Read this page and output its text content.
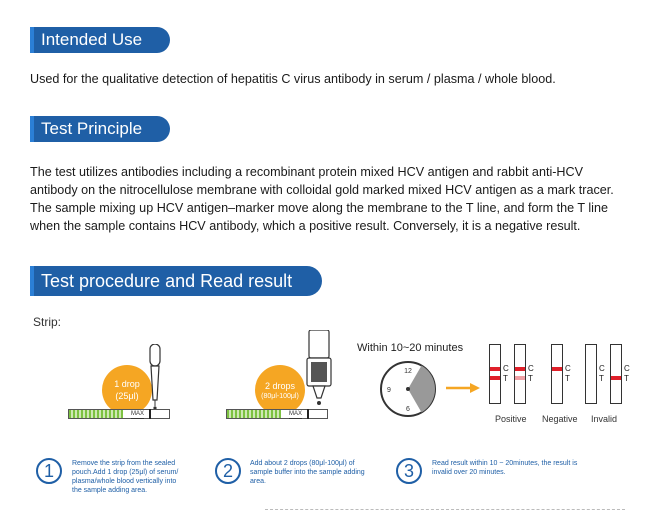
Intended Use
Used for the qualitative detection of hepatitis C virus antibody in serum / plasma / whole blood.
Test Principle
The test utilizes antibodies including a recombinant protein mixed HCV antigen and rabbit anti-HCV
antibody on the nitrocellulose membrane with colloidal gold marked mixed HCV antigen as a mark tracer.
The sample mixing up HCV antigen–marker move along the membrane to the T line, and form the T line
when the sample contains HCV antibody, which a positive result. Conversely, it is a negative result.
Test procedure and Read result
Strip:
1 drop
(25μl)
MAX
2 drops
(80μl-100μl)
MAX
Within 10~20 minutes
12
9
6
C
T
C
T
C
T
C
T
C
T
Positive Negative Invalid
1	Remove the strip from the sealed pouch.Add 1 drop (25μl) of serum/ plasma/whole blood vertically into the sample adding area.
2	Add about 2 drops (80μl-100μl) of sample buffer into the sample adding area.
3	Read result within 10 ~ 20minutes, the result is invalid over 20 minutes.
